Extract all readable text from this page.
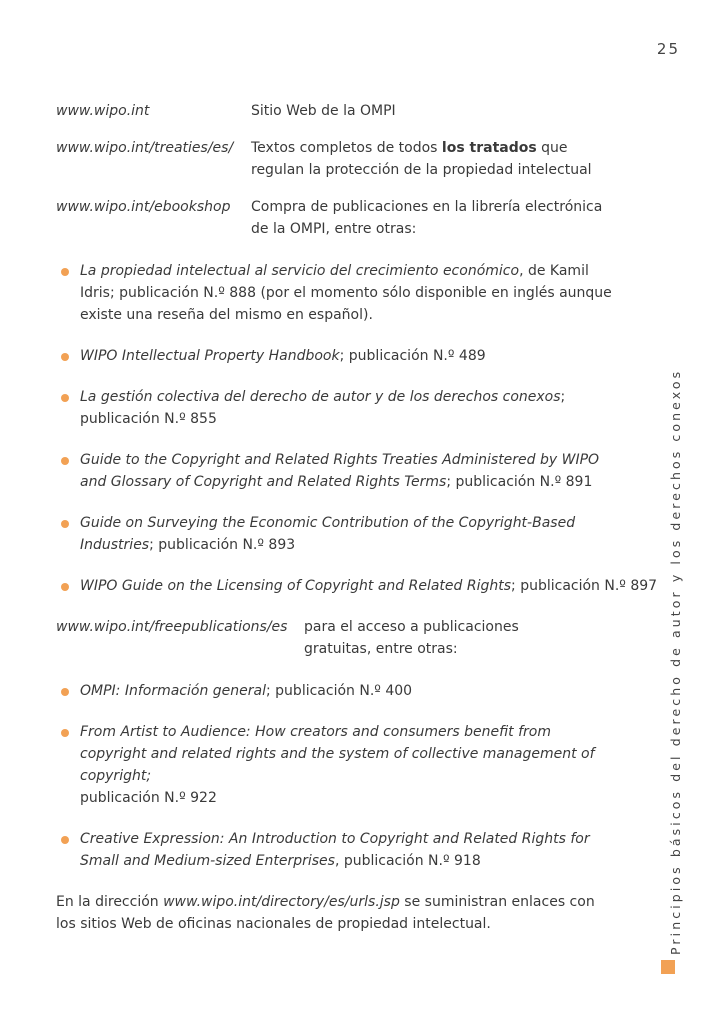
25
www.wipo.int	Sitio Web de la OMPI
www.wipo.int/treaties/es/	Textos completos de todos los tratados que regulan la protección de la propiedad intelectual
www.wipo.int/ebookshop	Compra de publicaciones en la librería electrónica de la OMPI, entre otras:
La propiedad intelectual al servicio del crecimiento económico, de Kamil Idris; publicación N.º 888 (por el momento sólo disponible en inglés aunque existe una reseña del mismo en español).
WIPO Intellectual Property Handbook; publicación N.º 489
La gestión colectiva del derecho de autor y de los derechos conexos; publicación N.º 855
Guide to the Copyright and Related Rights Treaties Administered by WIPO and Glossary of Copyright and Related Rights Terms; publicación N.º 891
Guide on Surveying the Economic Contribution of the Copyright-Based Industries; publicación N.º 893
WIPO Guide on the Licensing of Copyright and Related Rights; publicación N.º 897
www.wipo.int/freepublications/es	para el acceso a publicaciones gratuitas, entre otras:
OMPI: Información general; publicación N.º 400
From Artist to Audience: How creators and consumers benefit from copyright and related rights and the system of collective management of copyright;
publicación N.º 922
Creative Expression: An Introduction to Copyright and Related Rights for Small and Medium-sized Enterprises, publicación N.º 918

En la dirección www.wipo.int/directory/es/urls.jsp se suministran enlaces con los sitios Web de oficinas nacionales de propiedad intelectual.	Principios básicos del derecho de autor y los derechos conexos
